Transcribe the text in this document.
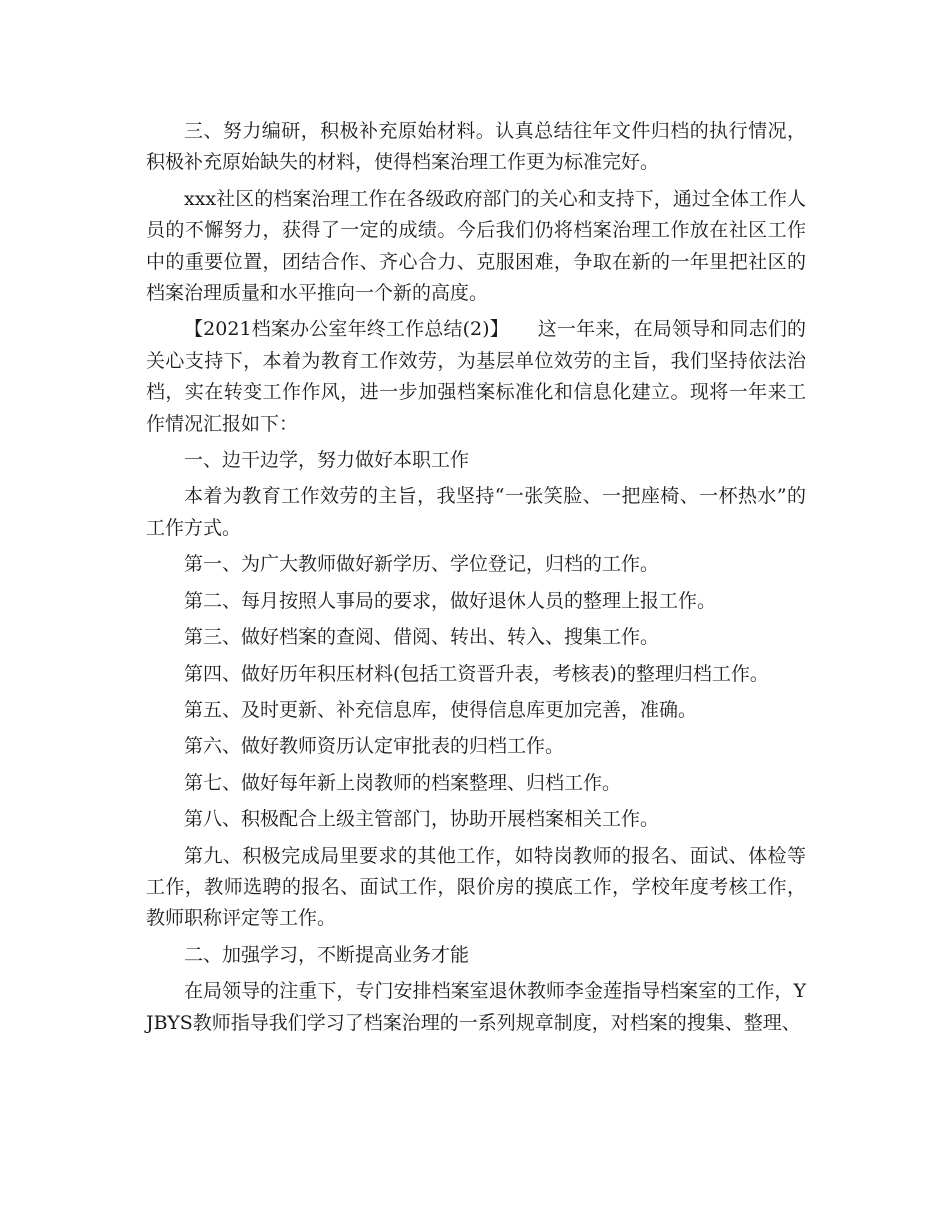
三、努力编研，积极补充原始材料。认真总结往年文件归档的执行情况，积极补充原始缺失的材料，使得档案治理工作更为标准完好。

xxx社区的档案治理工作在各级政府部门的关心和支持下，通过全体工作人员的不懈努力，获得了一定的成绩。今后我们仍将档案治理工作放在社区工作中的重要位置，团结合作、齐心合力、克服困难，争取在新的一年里把社区的档案治理质量和水平推向一个新的高度。

【2021档案办公室年终工作总结(2)】　　这一年来，在局领导和同志们的关心支持下，本着为教育工作效劳，为基层单位效劳的主旨，我们坚持依法治档，实在转变工作作风，进一步加强档案标准化和信息化建立。现将一年来工作情况汇报如下：

一、边干边学，努力做好本职工作

本着为教育工作效劳的主旨，我坚持“一张笑脸、一把座椅、一杯热水”的工作方式。

第一、为广大教师做好新学历、学位登记，归档的工作。

第二、每月按照人事局的要求，做好退休人员的整理上报工作。

第三、做好档案的查阅、借阅、转出、转入、搜集工作。

第四、做好历年积压材料(包括工资晋升表，考核表)的整理归档工作。

第五、及时更新、补充信息库，使得信息库更加完善，准确。

第六、做好教师资历认定审批表的归档工作。

第七、做好每年新上岗教师的档案整理、归档工作。

第八、积极配合上级主管部门，协助开展档案相关工作。

第九、积极完成局里要求的其他工作，如特岗教师的报名、面试、体检等工作，教师选聘的报名、面试工作，限价房的摸底工作，学校年度考核工作，教师职称评定等工作。

二、加强学习，不断提高业务才能

在局领导的注重下，专门安排档案室退休教师李金莲指导档案室的工作，YJBYS教师指导我们学习了档案治理的一系列规章制度，对档案的搜集、整理、
